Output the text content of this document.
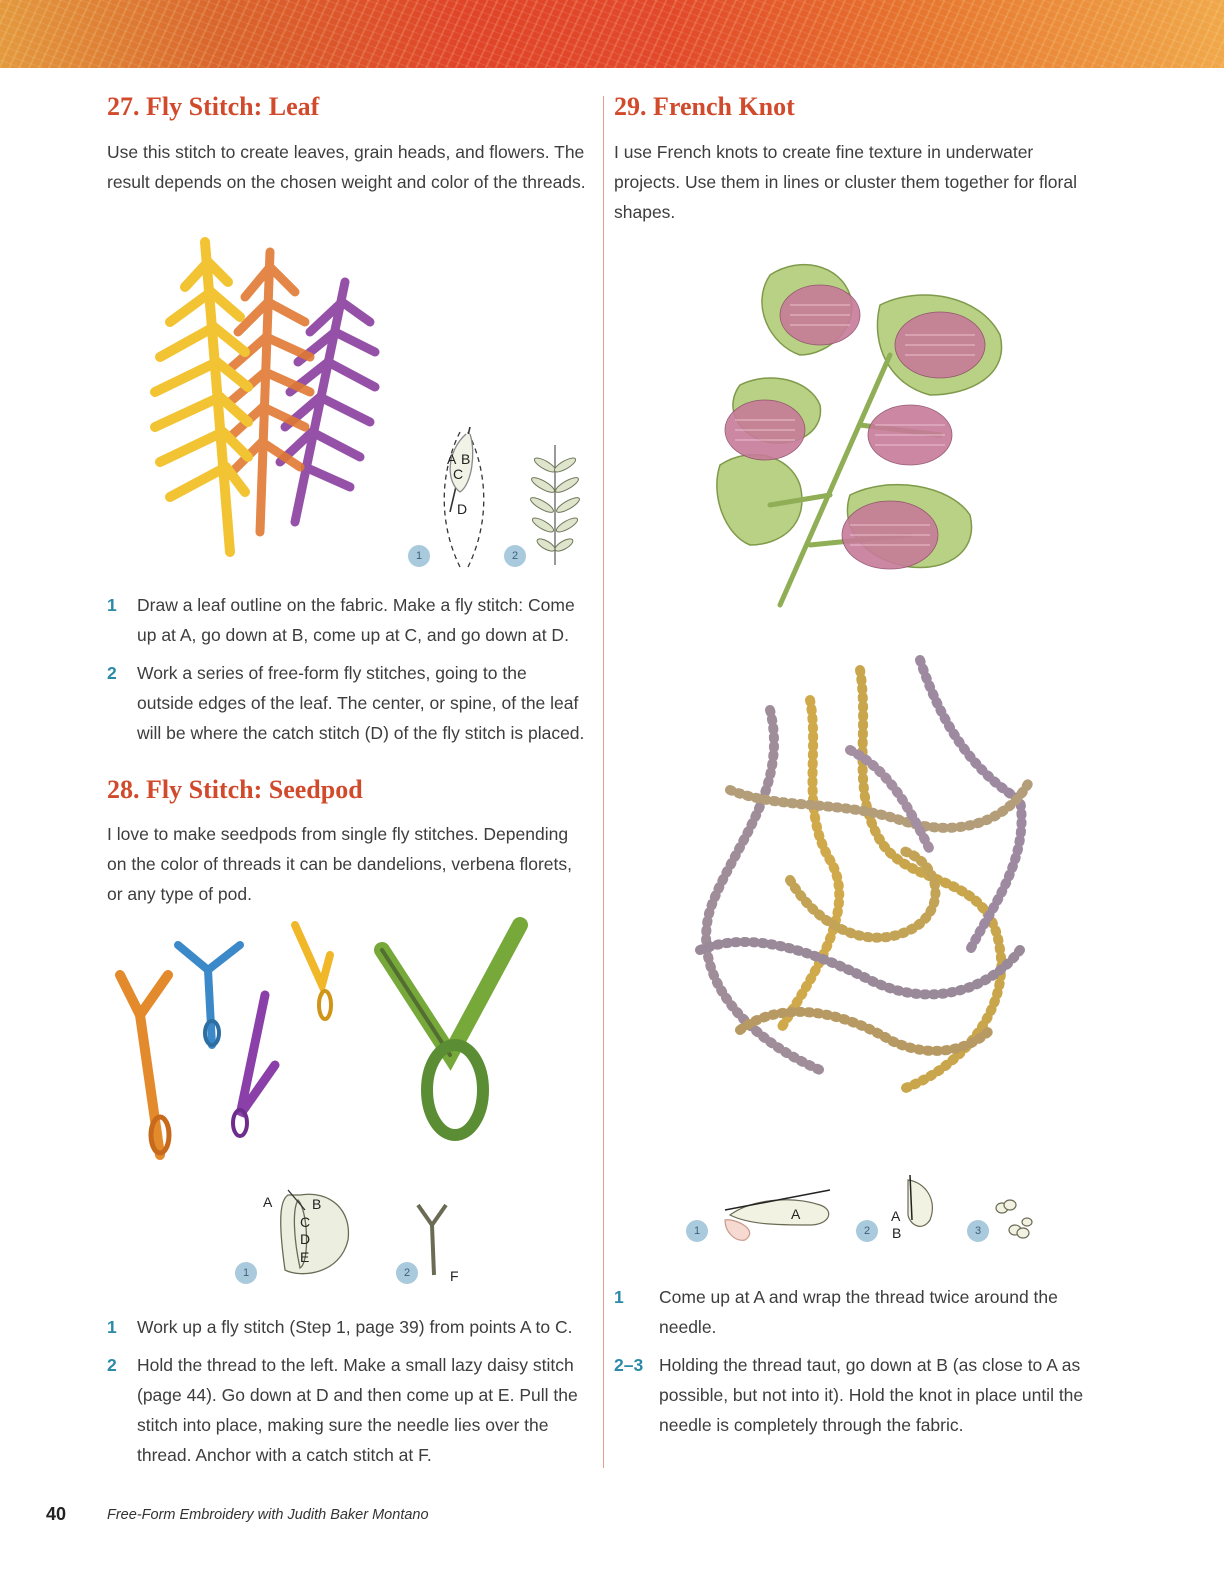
27. Fly Stitch: Leaf
Use this stitch to create leaves, grain heads, and flowers. The result depends on the chosen weight and color of the threads.
A B
C
D
1	2
1 Draw a leaf outline on the fabric. Make a fly stitch: Come up at A, go down at B, come up at C, and go down at D.
2 Work a series of free-form fly stitches, going to the outside edges of the leaf. The center, or spine, of the leaf will be where the catch stitch (D) of the fly stitch is placed.
28. Fly Stitch: Seedpod
I love to make seedpods from single fly stitches. Depending on the color of threads it can be dandelions, verbena florets, or any type of pod.
A	B
C
D
E
F
1	2
1 Work up a fly stitch (Step 1, page 39) from points A to C.
2 Hold the thread to the left. Make a small lazy daisy stitch (page 44). Go down at D and then come up at E. Pull the stitch into place, making sure the needle lies over the thread. Anchor with a catch stitch at F.
29. French Knot
I use French knots to create fine texture in underwater projects. Use them in lines or cluster them together for floral shapes.
A	A
B
1	2	3
1 Come up at A and wrap the thread twice around the needle.
2–3 Holding the thread taut, go down at B (as close to A as possible, but not into it). Hold the knot in place until the needle is completely through the fabric.
40	Free-Form Embroidery with Judith Baker Montano
